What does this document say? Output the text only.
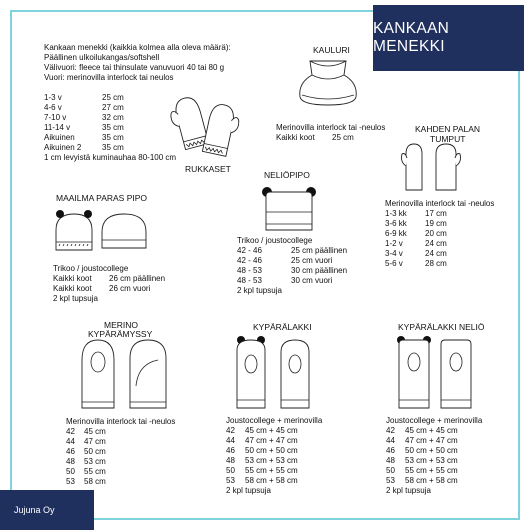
KANKAAN MENEKKI
Jujuna Oy
Kankaan menekki (kaikkia kolmea alla oleva määrä):
Päällinen ulkoilukangas/softshell
Välivuori: fleece tai thinsulate vanuvuori 40 tai 80 g
Vuori: merinovilla interlock tai neulos
1-3 v	25 cm
4-6 v	27 cm
7-10 v	32 cm
11-14 v	35 cm
Aikuinen	35 cm
Aikuinen 2	35 cm
1 cm levyistä kuminauhaa 80-100 cm
RUKKASET
KAULURI
Merinovilla interlock tai -neulos
Kaikki koot 25 cm
KAHDEN PALAN
TUMPUT
Merinovilla interlock tai -neulos
1-3 kk 17 cm
3-6 kk 19 cm
6-9 kk 20 cm
1-2 v	24 cm
3-4 v	24 cm
5-6 v	28 cm
MAAILMA PARAS PIPO
Trikoo / joustocollege
Kaikki koot 26 cm päällinen
Kaikki koot 26 cm vuori
2 kpl tupsuja
NELIÖPIPO
Trikoo / joustocollege
42 - 46	25 cm päällinen
42 - 46	25 cm vuori
48 - 53	30 cm päällinen
48 - 53	30 cm vuori
2 kpl tupsuja
MERINO
KYPÄRÄMYSSY
Merinovilla interlock tai -neulos
42 45 cm
44 47 cm
46 50 cm
48 53 cm
50 55 cm
53 58 cm
KYPÄRÄLAKKI
Joustocollege + merinovilla
42 45 cm + 45 cm
44 47 cm + 47 cm
46 50 cm + 50 cm
48 53 cm + 53 cm
50 55 cm + 55 cm
53 58 cm + 58 cm
2 kpl tupsuja
KYPÄRÄLAKKI NELIÖ
Joustocollege + merinovilla
42 45 cm + 45 cm
44 47 cm + 47 cm
46 50 cm + 50 cm
48 53 cm + 53 cm
50 55 cm + 55 cm
53 58 cm + 58 cm
2 kpl tupsuja
